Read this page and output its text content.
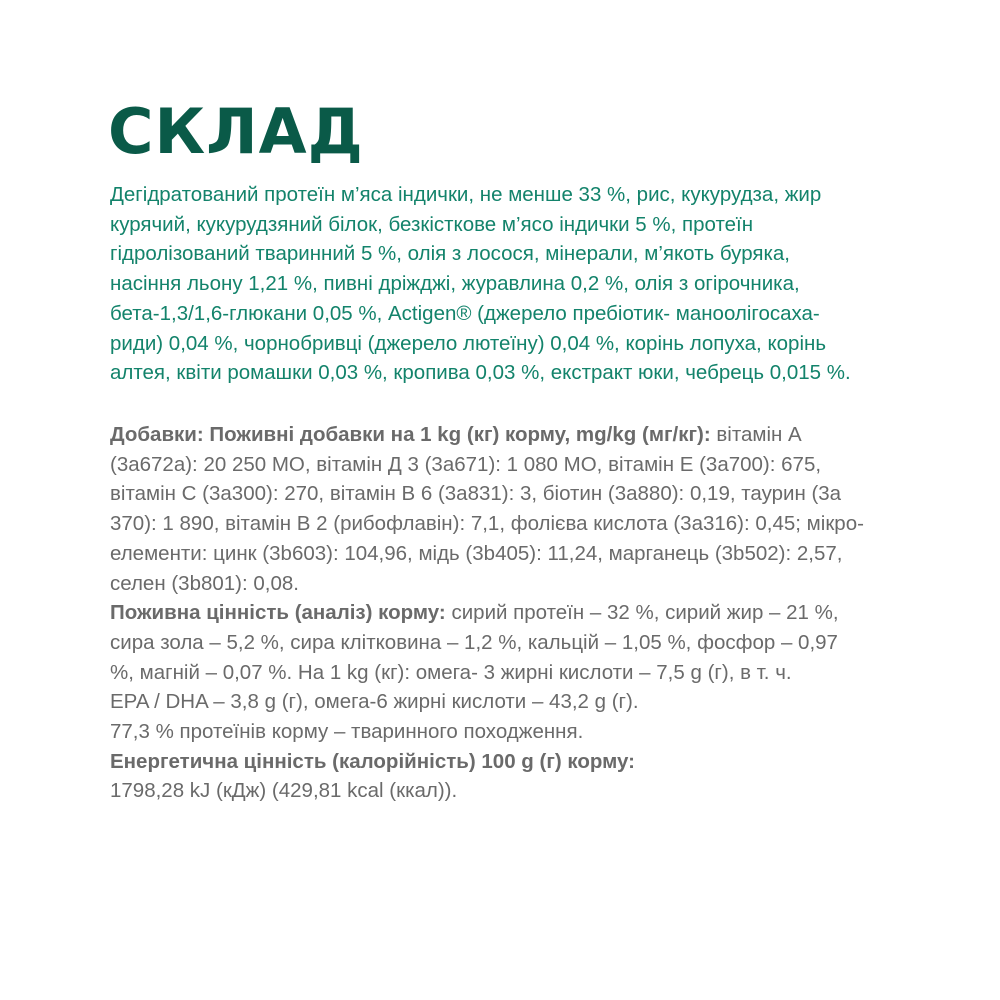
СКЛАД
Дегідратований протеїн м’яса індички, не менше 33 %, рис, кукурудза, жир
курячий, кукурудзяний білок, безкісткове м’ясо індички 5 %, протеїн
гідролізований тваринний 5 %, олія з лосося, мінерали, м’якоть буряка,
насіння льону 1,21 %, пивні дріжджі, журавлина 0,2 %, олія з огірочника,
бета-1,3/1,6-глюкани 0,05 %, Actigen® (джерело пребіотик- маноолігосаха-
риди) 0,04 %, чорнобривці (джерело лютеїну) 0,04 %, корінь лопуха, корінь
алтея, квіти ромашки 0,03 %, кропива 0,03 %, екстракт юки, чебрець 0,015 %.
Добавки: Поживні добавки на 1 kg (кг) корму, mg/kg (мг/кг): вітамін А
(3а672а): 20 250 МО, вітамін Д 3 (3а671): 1 080 МО, вітамін Е (3а700): 675,
вітамін С (3а300): 270, вітамін В 6 (3а831): 3, біотин (3а880): 0,19, таурин (3а
370): 1 890, вітамін В 2 (рибофлавін): 7,1, фолієва кислота (3а316): 0,45; мікро-
елементи: цинк (3b603): 104,96, мідь (3b405): 11,24, марганець (3b502): 2,57,
селен (3b801): 0,08.
Поживна цінність (аналіз) корму: сирий протеїн – 32 %, сирий жир – 21 %,
сира зола – 5,2 %, сира клітковина – 1,2 %, кальцій – 1,05 %, фосфор – 0,97
%, магній – 0,07 %. На 1 kg (кг): омега- 3 жирні кислоти – 7,5 g (г), в т. ч.
EPA / DHA – 3,8 g (г), омега-6 жирні кислоти – 43,2 g (г).
77,3 % протеїнів корму – тваринного походження.
Енергетична цінність (калорійність) 100 g (г) корму:
1798,28 kJ (кДж) (429,81 kcal (ккал)).
